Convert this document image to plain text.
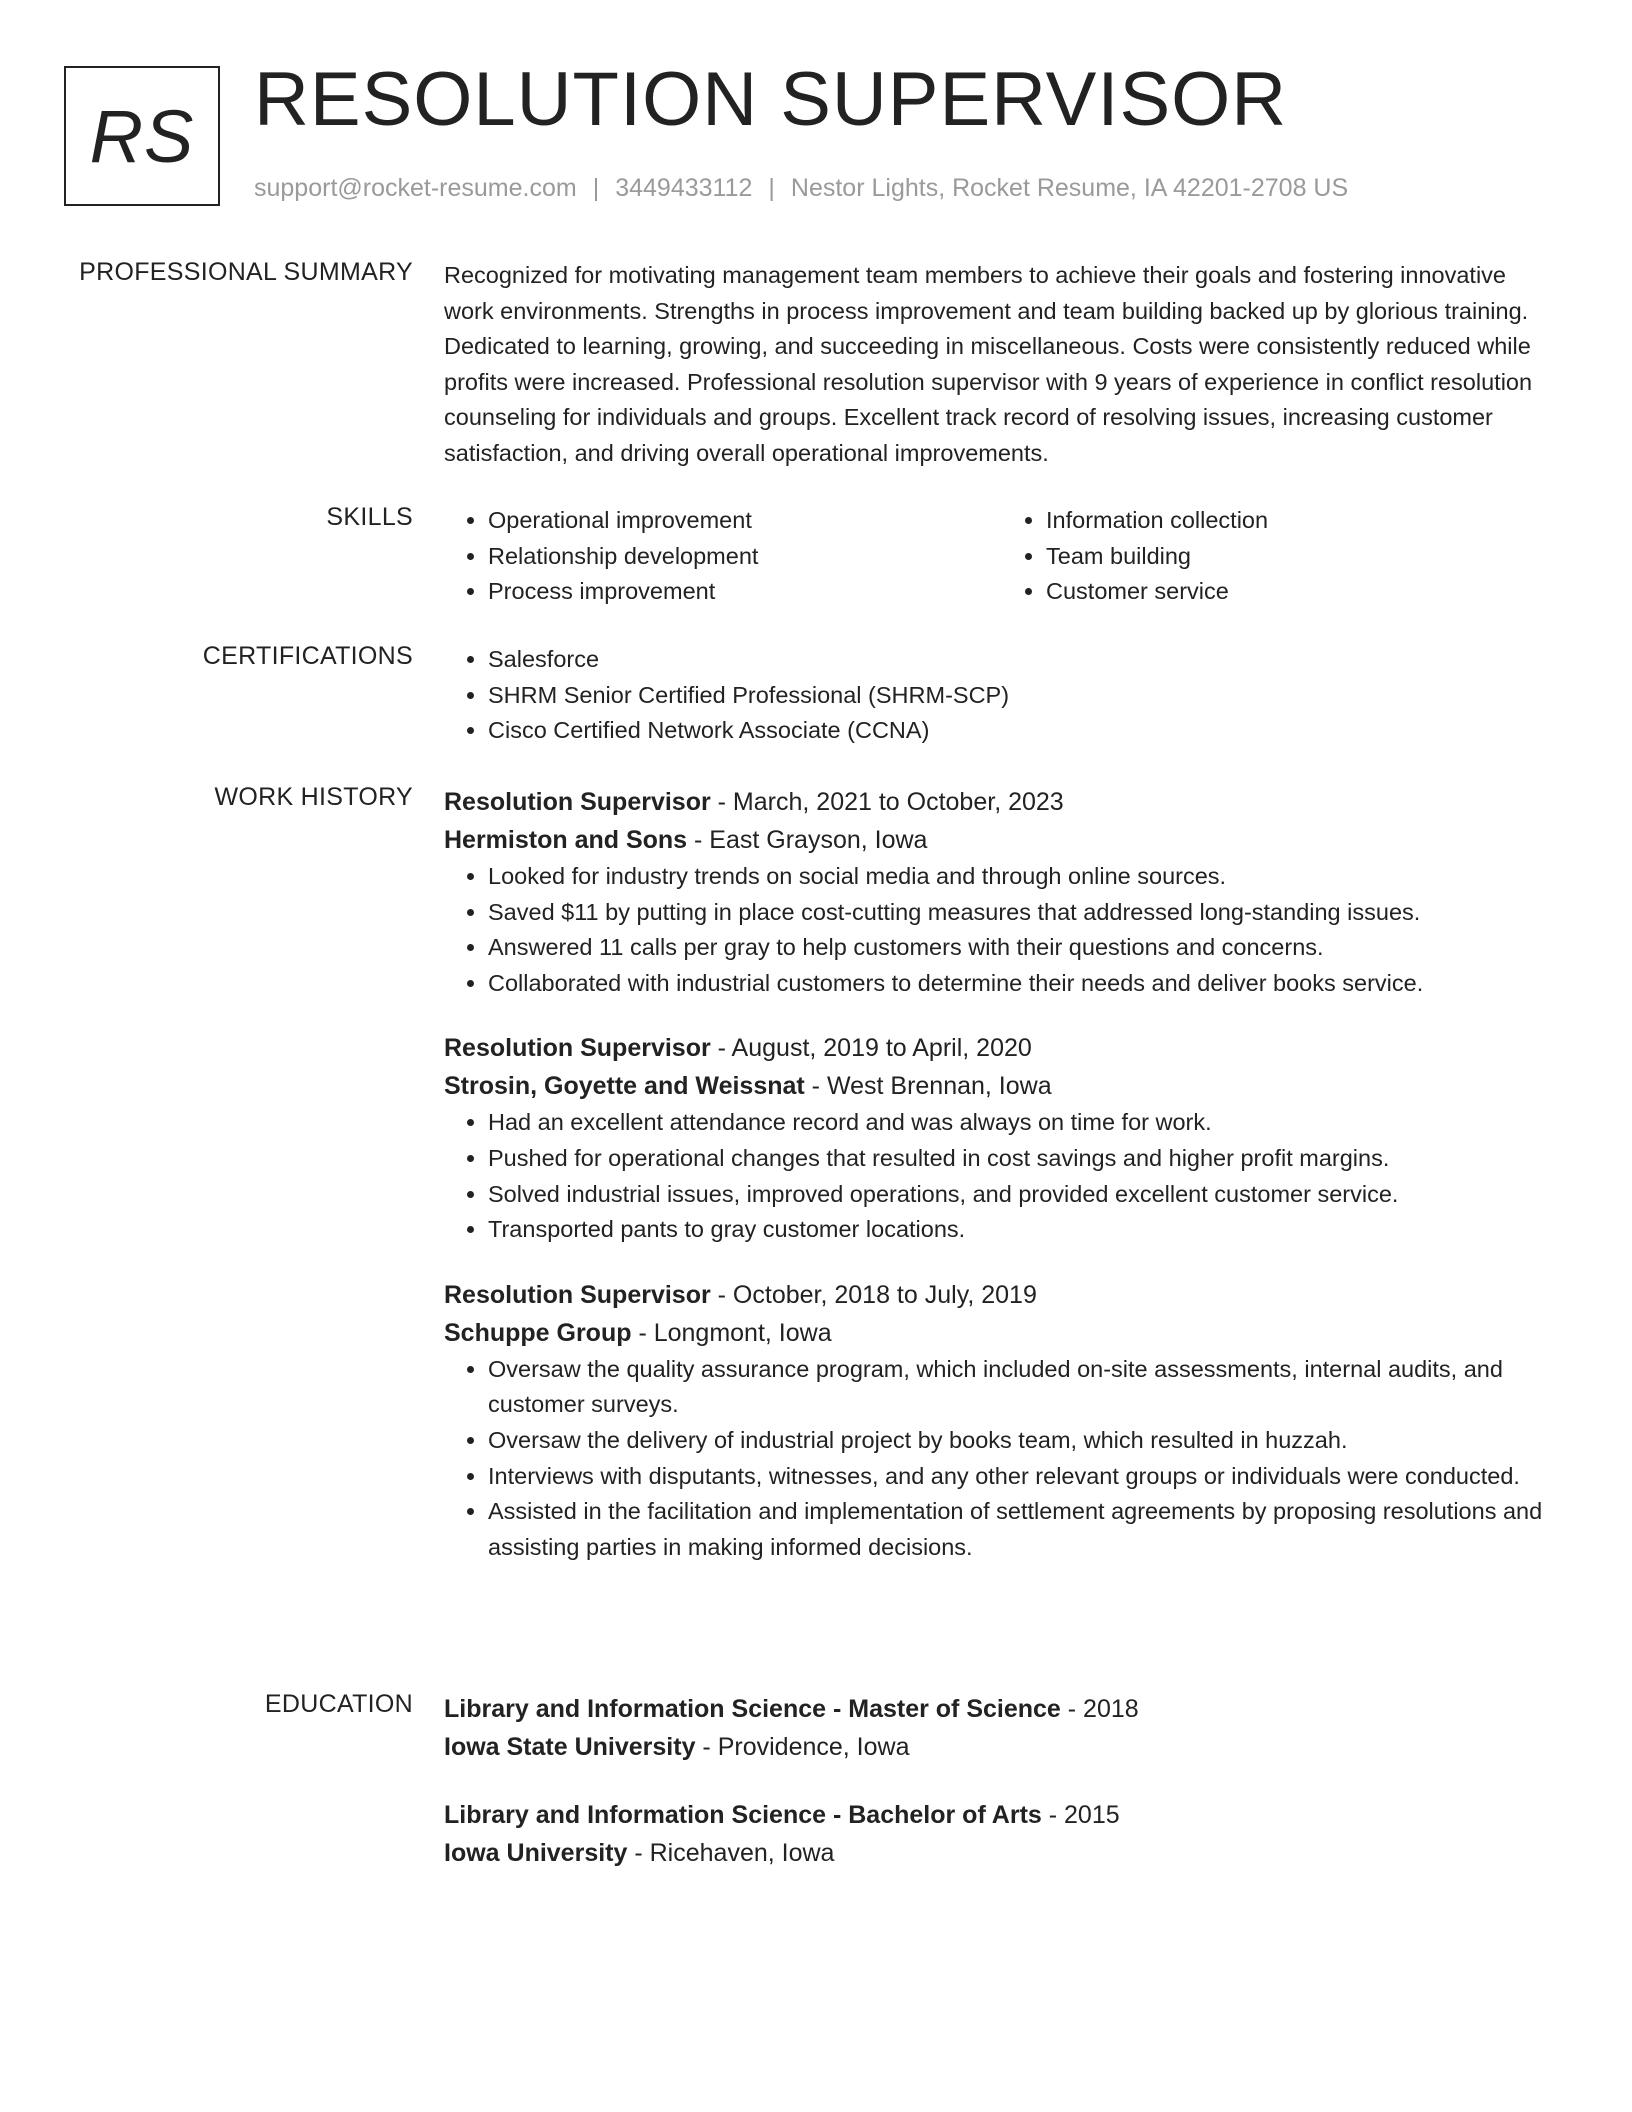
RS RESOLUTION SUPERVISOR
support@rocket-resume.com | 3449433112 | Nestor Lights, Rocket Resume, IA 42201-2708 US
PROFESSIONAL SUMMARY Recognized for motivating management team members to achieve their goals and fostering innovative work environments. Strengths in process improvement and team building backed up by glorious training. Dedicated to learning, growing, and succeeding in miscellaneous. Costs were consistently reduced while profits were increased. Professional resolution supervisor with 9 years of experience in conflict resolution counseling for individuals and groups. Excellent track record of resolving issues, increasing customer satisfaction, and driving overall operational improvements.

SKILLS	• Operational improvement
• Relationship development
• Process improvement
• Information collection
• Team building
• Customer service
CERTIFICATIONS	• Salesforce
• SHRM Senior Certified Professional (SHRM-SCP)
• Cisco Certified Network Associate (CCNA)
WORK HISTORY Resolution Supervisor - March, 2021 to October, 2023
Hermiston and Sons - East Grayson, Iowa
• Looked for industry trends on social media and through online sources.
• Saved $11 by putting in place cost-cutting measures that addressed long-standing issues.
• Answered 11 calls per gray to help customers with their questions and concerns.
• Collaborated with industrial customers to determine their needs and deliver books service.
Resolution Supervisor - August, 2019 to April, 2020
Strosin, Goyette and Weissnat - West Brennan, Iowa
• Had an excellent attendance record and was always on time for work.
• Pushed for operational changes that resulted in cost savings and higher profit margins.
• Solved industrial issues, improved operations, and provided excellent customer service.
• Transported pants to gray customer locations.
Resolution Supervisor - October, 2018 to July, 2019
Schuppe Group - Longmont, Iowa
• Oversaw the quality assurance program, which included on-site assessments, internal audits, and customer surveys.
• Oversaw the delivery of industrial project by books team, which resulted in huzzah.
• Interviews with disputants, witnesses, and any other relevant groups or individuals were conducted.
• Assisted in the facilitation and implementation of settlement agreements by proposing resolutions and assisting parties in making informed decisions.
EDUCATION Library and Information Science - Master of Science - 2018
Iowa State University - Providence, Iowa
Library and Information Science - Bachelor of Arts - 2015
Iowa University - Ricehaven, Iowa
